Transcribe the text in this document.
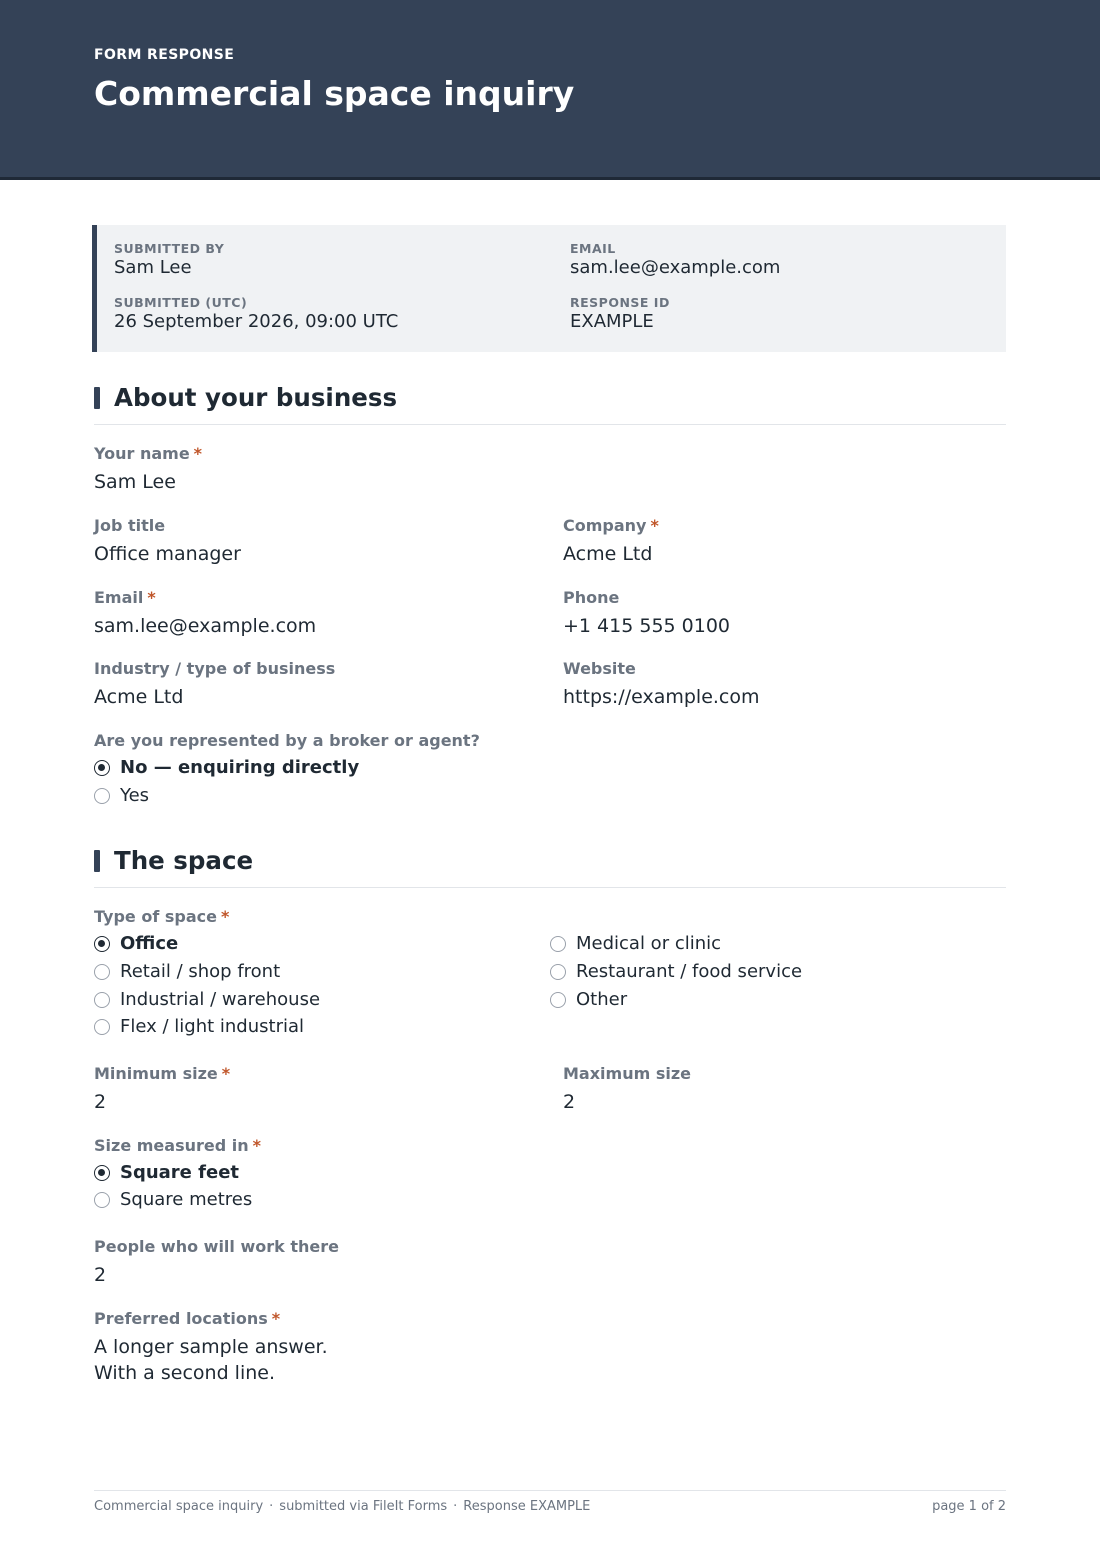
FORM RESPONSE
Commercial space inquiry
SUBMITTED BY
Sam Lee
EMAIL
sam.lee@example.com
SUBMITTED (UTC)
26 September 2026, 09:00 UTC
RESPONSE ID
EXAMPLE
About your business
Your name *
Sam Lee
Job title
Office manager
Company *
Acme Ltd
Email *
sam.lee@example.com
Phone
+1 415 555 0100
Industry / type of business
Acme Ltd
Website
https://example.com
Are you represented by a broker or agent?
No — enquiring directly
Yes
The space
Type of space *
Office
Retail / shop front
Industrial / warehouse
Flex / light industrial
Medical or clinic
Restaurant / food service
Other
Minimum size *
2
Maximum size
2
Size measured in *
Square feet
Square metres
People who will work there
2
Preferred locations *
A longer sample answer.
With a second line.
Commercial space inquiry · submitted via FileIt Forms · Response EXAMPLE	page 1 of 2
